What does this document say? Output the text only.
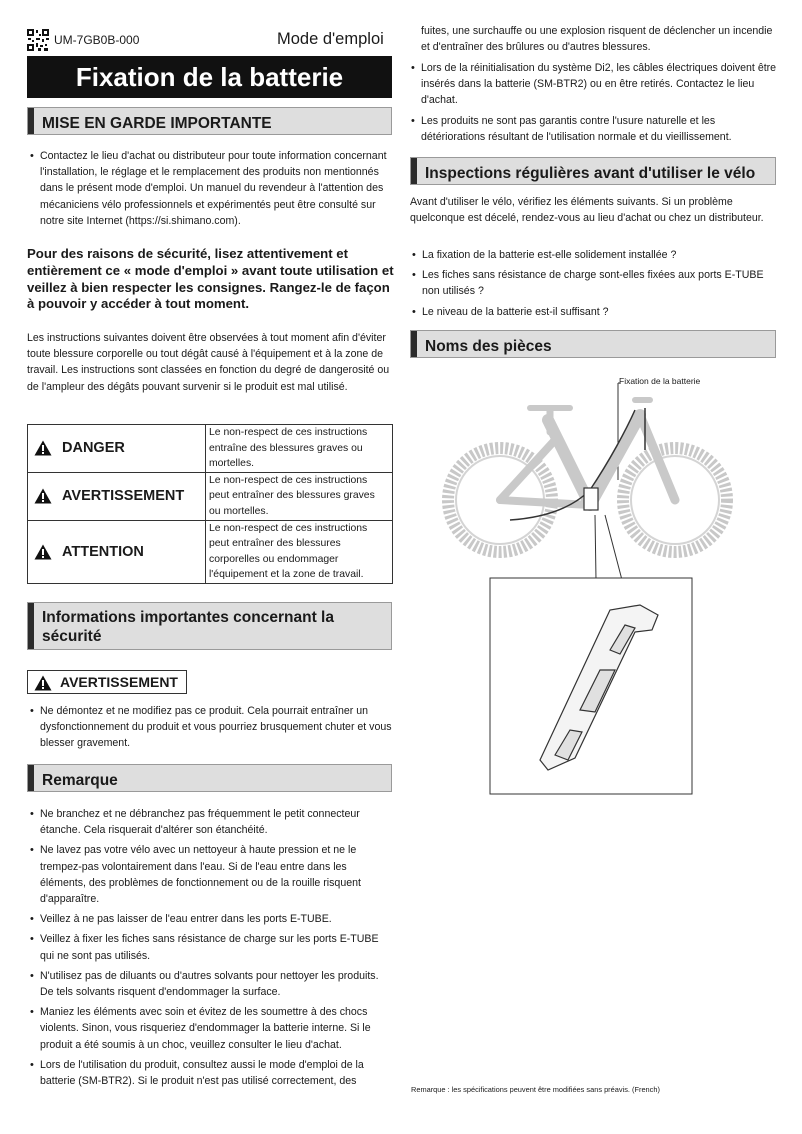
UM-7GB0B-000	Mode d'emploi
Fixation de la batterie
MISE EN GARDE IMPORTANTE
• Contactez le lieu d'achat ou distributeur pour toute information concernant l'installation, le réglage et le remplacement des produits non mentionnés dans le présent mode d'emploi. Un manuel du revendeur à l'attention des mécaniciens vélo professionnels et expérimentés peut être consulté sur notre site Internet (https://si.shimano.com).
Pour des raisons de sécurité, lisez attentivement et entièrement ce « mode d'emploi » avant toute utilisation et veillez à bien respecter les consignes. Rangez-le de façon à pouvoir y accéder à tout moment.

Les instructions suivantes doivent être observées à tout moment afin d'éviter toute blessure corporelle ou tout dégât causé à l'équipement et à la zone de travail. Les instructions sont classées en fonction du degré de dangerosité ou de l'ampleur des dégâts pouvant survenir si le produit est mal utilisé.

DANGER	Le non-respect de ces instructions entraîne des blessures graves ou mortelles.
AVERTISSEMENT	Le non-respect de ces instructions peut entraîner des blessures graves ou mortelles.
ATTENTION	Le non-respect de ces instructions peut entraîner des blessures corporelles ou endommager l'équipement et la zone de travail.
Informations importantes concernant la sécurité
AVERTISSEMENT
• Ne démontez et ne modifiez pas ce produit. Cela pourrait entraîner un dysfonctionnement du produit et vous pourriez brusquement chuter et vous blesser gravement.
Remarque
• Ne branchez et ne débranchez pas fréquemment le petit connecteur étanche. Cela risquerait d'altérer son étanchéité.
• Ne lavez pas votre vélo avec un nettoyeur à haute pression et ne le trempez-pas volontairement dans l'eau. Si de l'eau entre dans les éléments, des problèmes de fonctionnement ou de la rouille risquent d'apparaître.
• Veillez à ne pas laisser de l'eau entrer dans les ports E-TUBE.
• Veillez à fixer les fiches sans résistance de charge sur les ports E-TUBE qui ne sont pas utilisés.
• N'utilisez pas de diluants ou d'autres solvants pour nettoyer les produits. De tels solvants risquent d'endommager la surface.
• Maniez les éléments avec soin et évitez de les soumettre à des chocs violents. Sinon, vous risqueriez d'endommager la batterie interne. Si le produit a été soumis à un choc, veuillez consulter le lieu d'achat.
• Lors de l'utilisation du produit, consultez aussi le mode d'emploi de la batterie (SM-BTR2). Si le produit n'est pas utilisé correctement, des

fuites, une surchauffe ou une explosion risquent de déclencher un incendie et d'entraîner des brûlures ou d'autres blessures.

• Lors de la réinitialisation du système Di2, les câbles électriques doivent être insérés dans la batterie (SM-BTR2) ou en être retirés. Contactez le lieu d'achat.
• Les produits ne sont pas garantis contre l'usure naturelle et les détériorations résultant de l'utilisation normale et du vieillissement.
Inspections régulières avant d'utiliser le vélo

Avant d'utiliser le vélo, vérifiez les éléments suivants. Si un problème quelconque est décelé, rendez-vous au lieu d'achat ou chez un distributeur.

• La fixation de la batterie est-elle solidement installée ?
• Les fiches sans résistance de charge sont-elles fixées aux ports E-TUBE non utilisés ?
• Le niveau de la batterie est-il suffisant ?
Noms des pièces
Fixation de la batterie
Remarque : les spécifications peuvent être modifiées sans préavis. (French)
